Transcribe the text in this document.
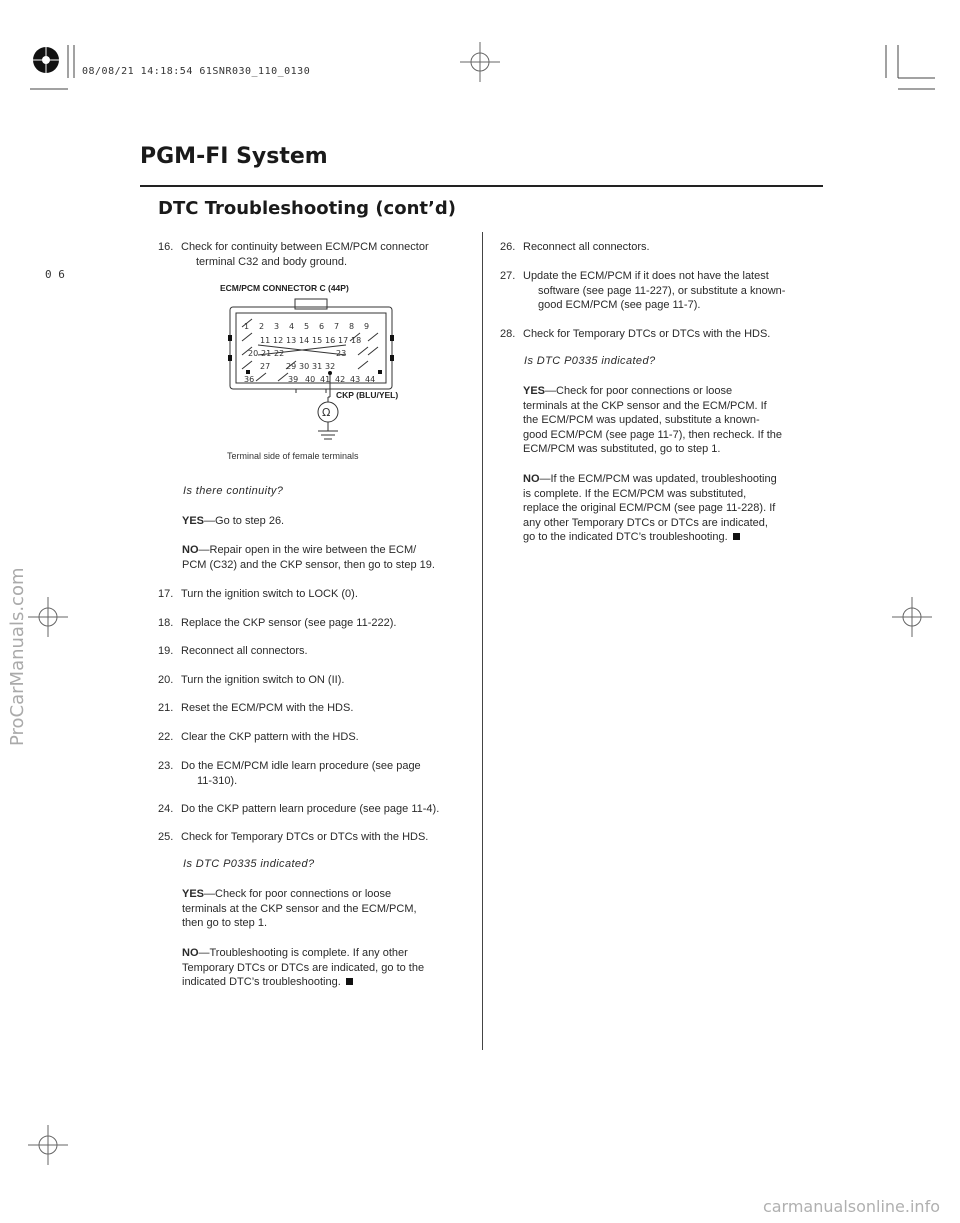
08/08/21 14:18:54 61SNR030_110_0130
0 6
PGM-FI System
DTC Troubleshooting (cont’d)
16. Check for continuity between ECM/PCM connector
terminal C32 and body ground.
ECM/PCM CONNECTOR C (44P)
1 2 3 4 5 6 7 8 9
11 12 13 14 15 16 17 18
20 21 22	23
27 29 30 31 32
36	39 40 41 42 43 44
Ω
CKP (BLU/YEL)
Terminal side of female terminals
Is there continuity?
YES—Go to step 26.
NO—Repair open in the wire between the ECM/
PCM (C32) and the CKP sensor, then go to step 19.
17. Turn the ignition switch to LOCK (0).
18. Replace the CKP sensor (see page 11-222).
19. Reconnect all connectors.
20. Turn the ignition switch to ON (II).
21. Reset the ECM/PCM with the HDS.
22. Clear the CKP pattern with the HDS.
23. Do the ECM/PCM idle learn procedure (see page
11-310).
24. Do the CKP pattern learn procedure (see page 11-4).
25. Check for Temporary DTCs or DTCs with the HDS.
Is DTC P0335 indicated?
YES—Check for poor connections or loose
terminals at the CKP sensor and the ECM/PCM,
then go to step 1.
NO—Troubleshooting is complete. If any other
Temporary DTCs or DTCs are indicated, go to the
indicated DTC’s troubleshooting.
26. Reconnect all connectors.
27. Update the ECM/PCM if it does not have the latest
software (see page 11-227), or substitute a known-
good ECM/PCM (see page 11-7).
28. Check for Temporary DTCs or DTCs with the HDS.
Is DTC P0335 indicated?
YES—Check for poor connections or loose
terminals at the CKP sensor and the ECM/PCM. If
the ECM/PCM was updated, substitute a known-
good ECM/PCM (see page 11-7), then recheck. If the
ECM/PCM was substituted, go to step 1.
NO—If the ECM/PCM was updated, troubleshooting
is complete. If the ECM/PCM was substituted,
replace the original ECM/PCM (see page 11-228). If
any other Temporary DTCs or DTCs are indicated,
go to the indicated DTC’s troubleshooting.
ProCarManuals.com
carmanualsonline.info
